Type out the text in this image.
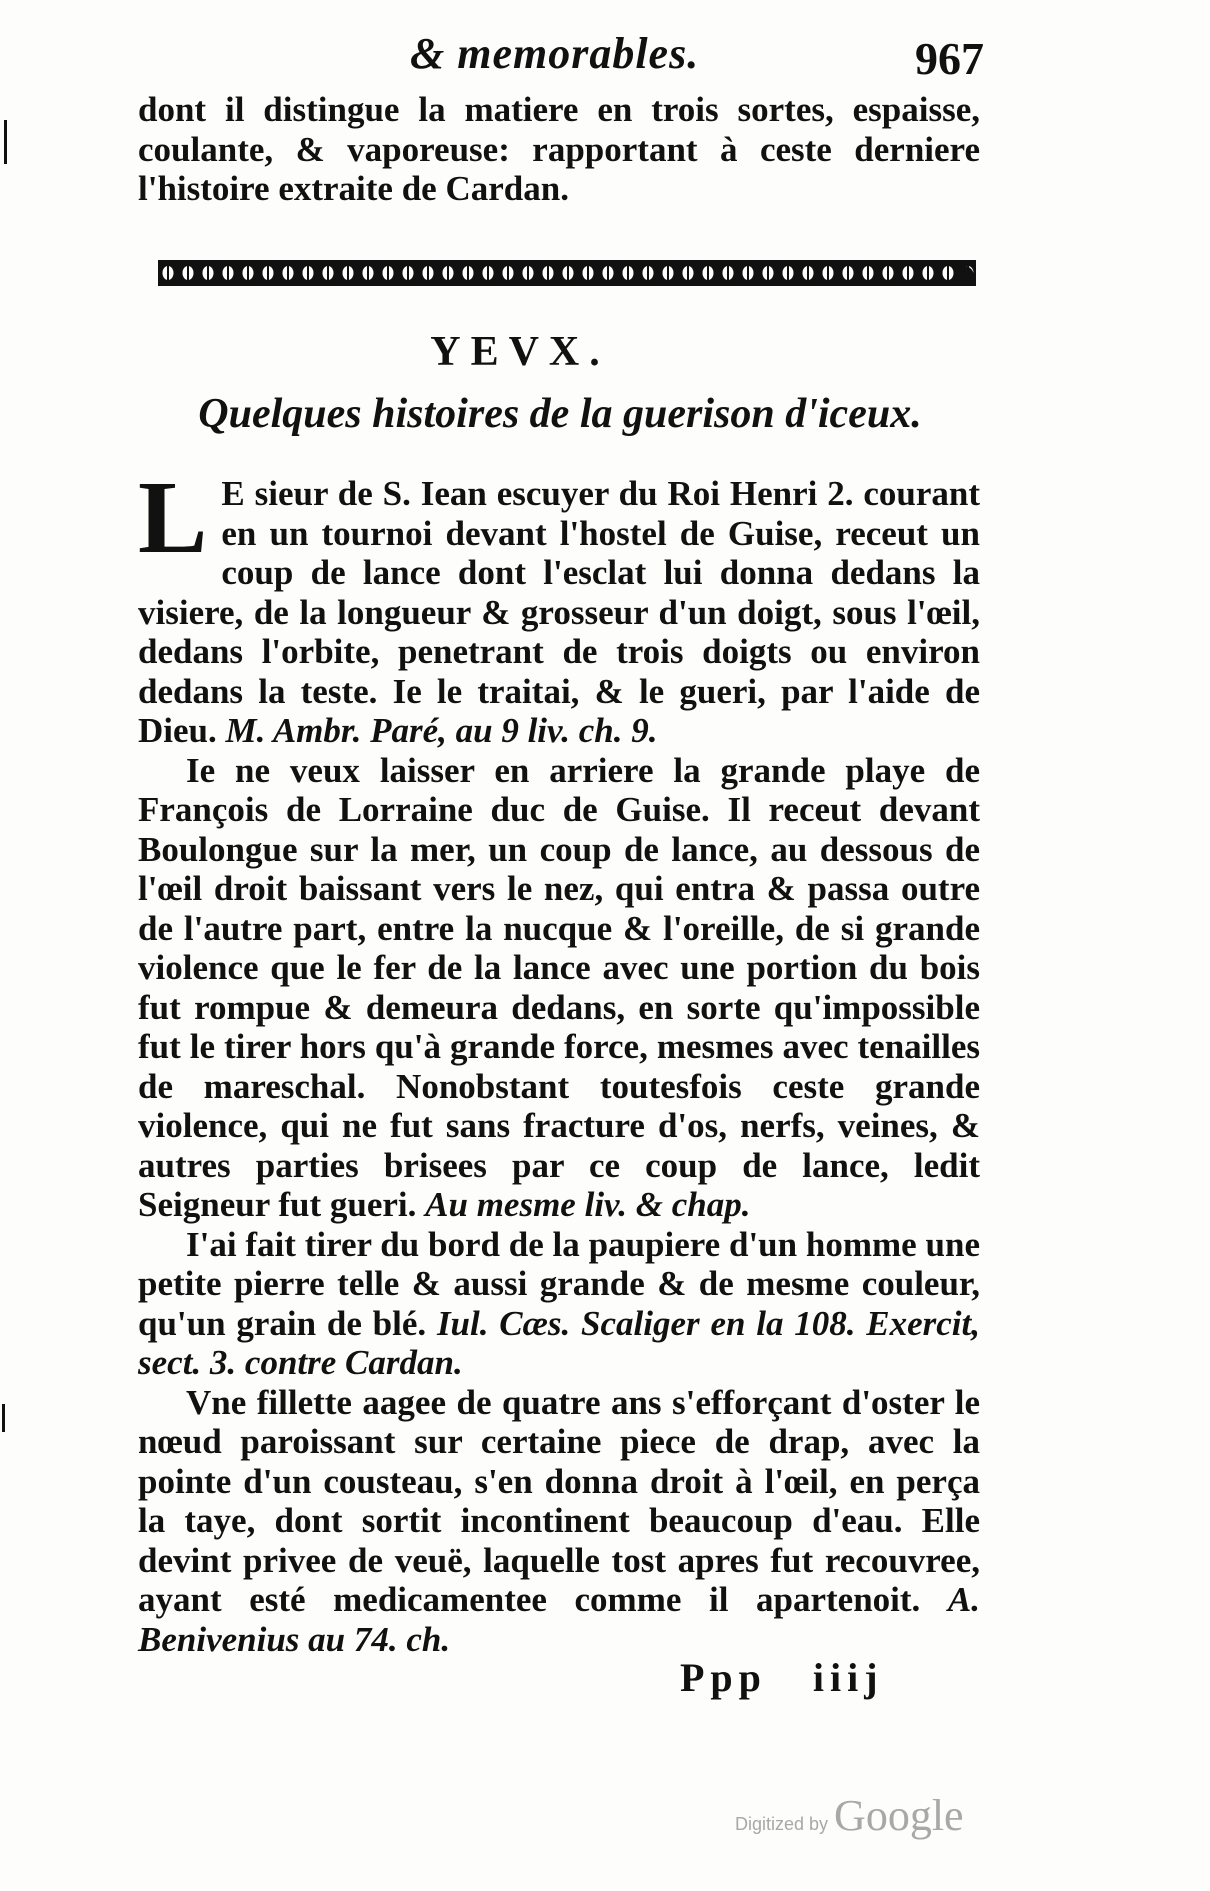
& memorables.	967

dont il distingue la matiere en trois sortes, espaisse, coulante, & vaporeuse: rapportant à ceste derniere l'histoire extraite de Cardan.

YEVX.
Quelques histoires de la guerison d'iceux.

L E sieur de S. Iean escuyer du Roi Henri 2. courant en un tournoi devant l'hostel de Guise, receut un coup de lance dont l'esclat lui donna dedans la visiere, de la longueur & grosseur d'un doigt, sous l'œil, dedans l'orbite, penetrant de trois doigts ou environ dedans la teste. Ie le traitai, & le gueri, par l'aide de Dieu. M. Ambr. Paré, au 9 liv. ch. 9.

Ie ne veux laisser en arriere la grande playe de François de Lorraine duc de Guise. Il receut devant Boulongue sur la mer, un coup de lance, au dessous de l'œil droit baissant vers le nez, qui entra & passa outre de l'autre part, entre la nucque & l'oreille, de si grande violence que le fer de la lance avec une portion du bois fut rompue & demeura dedans, en sorte qu'impossible fut le tirer hors qu'à grande force, mesmes avec tenailles de mareschal. Nonobstant toutesfois ceste grande violence, qui ne fut sans fracture d'os, nerfs, veines, & autres parties brisees par ce coup de lance, ledit Seigneur fut gueri. Au mesme liv. & chap.

I'ai fait tirer du bord de la paupiere d'un homme une petite pierre telle & aussi grande & de mesme couleur, qu'un grain de blé. Iul. Cæs. Scaliger en la 108. Exercit, sect. 3. contre Cardan.

Vne fillette aagee de quatre ans s'efforçant d'oster le nœud paroissant sur certaine piece de drap, avec la pointe d'un cousteau, s'en donna droit à l'œil, en perça la taye, dont sortit incontinent beaucoup d'eau. Elle devint privee de veuë, laquelle tost apres fut recouvree, ayant esté medicamentee comme il apartenoit. A. Benivenius au 74. ch.

Ppp iiij
Digitized by Google
